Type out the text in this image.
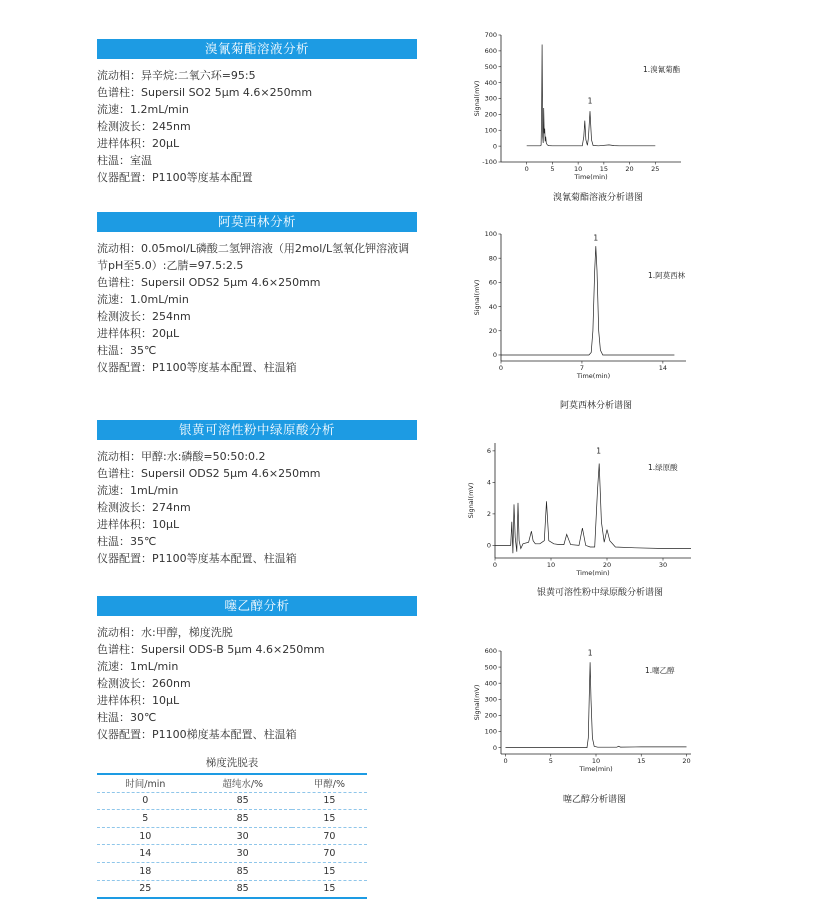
溴氰菊酯溶液分析
流动相：异辛烷:二氧六环=95:5
色谱柱：Supersil SO2 5μm 4.6×250mm
流速：1.2mL/min
检测波长：245nm
进样体积：20μL
柱温：室温
仪器配置：P1100等度基本配置
阿莫西林分析
流动相：0.05mol/L磷酸二氢钾溶液（用2mol/L氢氧化钾溶液调节pH至5.0）:乙腈=97.5:2.5
色谱柱：Supersil ODS2 5μm 4.6×250mm
流速：1.0mL/min
检测波长：254nm
进样体积：20μL
柱温：35℃
仪器配置：P1100等度基本配置、柱温箱
银黄可溶性粉中绿原酸分析
流动相：甲醇:水:磷酸=50:50:0.2
色谱柱：Supersil ODS2 5μm 4.6×250mm
流速：1mL/min
检测波长：274nm
进样体积：10μL
柱温：35℃
仪器配置：P1100等度基本配置、柱温箱
噻乙醇分析
流动相：水:甲醇，梯度洗脱
色谱柱：Supersil ODS-B 5μm 4.6×250mm
流速：1mL/min
检测波长：260nm
进样体积：10μL
柱温：30℃
仪器配置：P1100梯度基本配置、柱温箱
梯度洗脱表
时间/min	超纯水/%	甲醇/%
0	85	15
5	85	15
10	30	70
14	30	70
18	85	15
25	85	15
-100
0
100
200
300
400
500
600
700
0	5	10	15	20	25
Time(min)
Signal(mV)	1
1.溴氰菊酯
溴氰菊酯溶液分析谱图
0
20
40
60
80
100
0	7	14
Time(min)
Signal(mV)
1
1.阿莫西林
阿莫西林分析谱图
0
2
4
6
0	10	20	30
Time(min)
Signal(mV)
1
1.绿原酸
银黄可溶性粉中绿原酸分析谱图
0
100
200
300
400
500
600
0	5	10	15	20
Time(min)
Signal(mV)
1
1.噻乙醇
噻乙醇分析谱图
